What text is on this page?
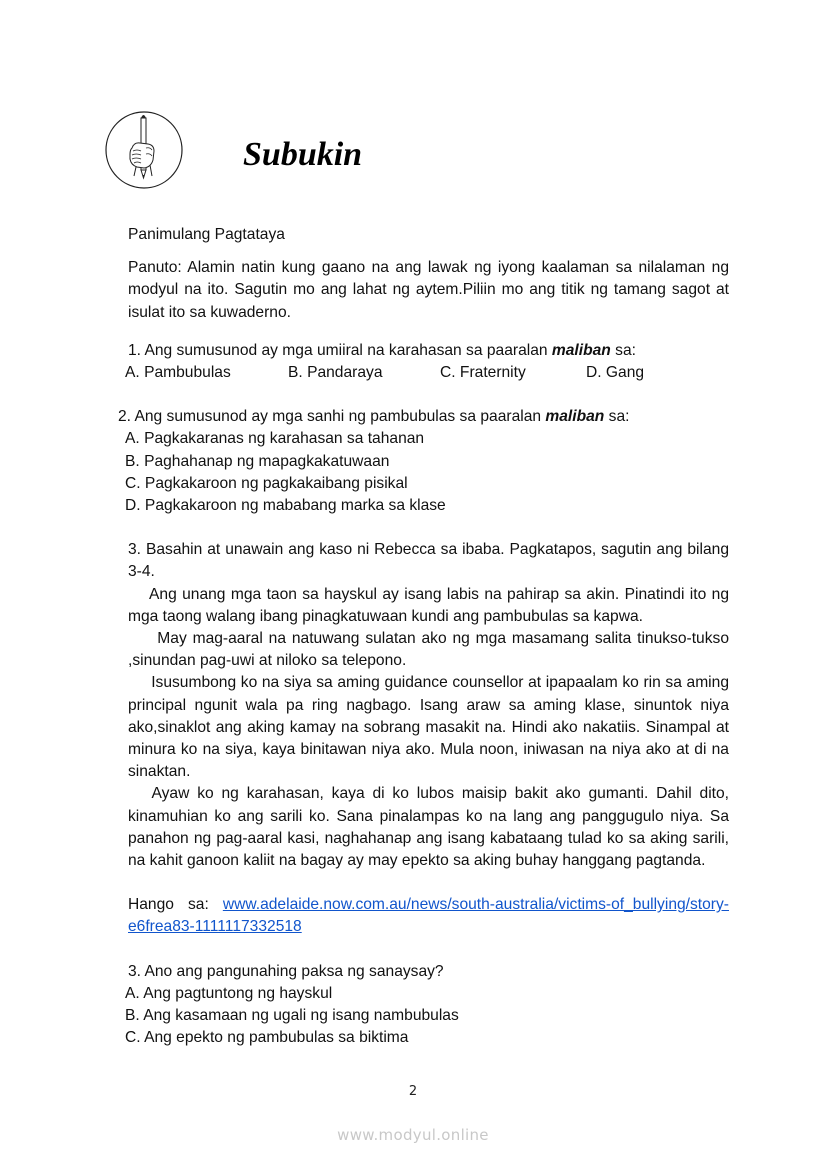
Subukin

Panimulang Pagtataya

Panuto: Alamin natin kung gaano na ang lawak ng iyong kaalaman sa nilalaman ng modyul na ito. Sagutin mo ang lahat ng aytem.Piliin mo ang titik ng tamang sagot at isulat ito sa kuwaderno.

1. Ang sumusunod ay mga umiiral na karahasan sa paaralan maliban sa:

A. Pambubulas	B. Pandaraya	C. Fraternity	D. Gang

2. Ang sumusunod ay mga sanhi ng pambubulas sa paaralan maliban sa:

A. Pagkakaranas ng karahasan sa tahanan

B. Paghahanap ng mapagkakatuwaan

C. Pagkakaroon ng pagkakaibang pisikal

D. Pagkakaroon ng mababang marka sa klase

3. Basahin at unawain ang kaso ni Rebecca sa ibaba. Pagkatapos, sagutin ang bilang 3-4.

Ang unang mga taon sa hayskul ay isang labis na pahirap sa akin. Pinatindi ito ng mga taong walang ibang pinagkatuwaan kundi ang pambubulas sa kapwa.

May mag-aaral na natuwang sulatan ako ng mga masamang salita tinukso-tukso ,sinundan pag-uwi at niloko sa telepono.

Isusumbong ko na siya sa aming guidance counsellor at ipapaalam ko rin sa aming principal ngunit wala pa ring nagbago. Isang araw sa aming klase, sinuntok niya ako,sinaklot ang aking kamay na sobrang masakit na. Hindi ako nakatiis. Sinampal at minura ko na siya, kaya binitawan niya ako. Mula noon, iniwasan na niya ako at di na sinaktan.

Ayaw ko ng karahasan, kaya di ko lubos maisip bakit ako gumanti. Dahil dito, kinamuhian ko ang sarili ko. Sana pinalampas ko na lang ang panggugulo niya. Sa panahon ng pag-aaral kasi, naghahanap ang isang kabataang tulad ko sa aking sarili, na kahit ganoon kaliit na bagay ay may epekto sa aking buhay hanggang pagtanda.

Hango sa: www.adelaide.now.com.au/news/south-australia/victims-of_bullying/story-e6frea83-1111117332518

3. Ano ang pangunahing paksa ng sanaysay?

A. Ang pagtuntong ng hayskul

B. Ang kasamaan ng ugali ng isang nambubulas

C. Ang epekto ng pambubulas sa biktima

2
www.modyul.online
